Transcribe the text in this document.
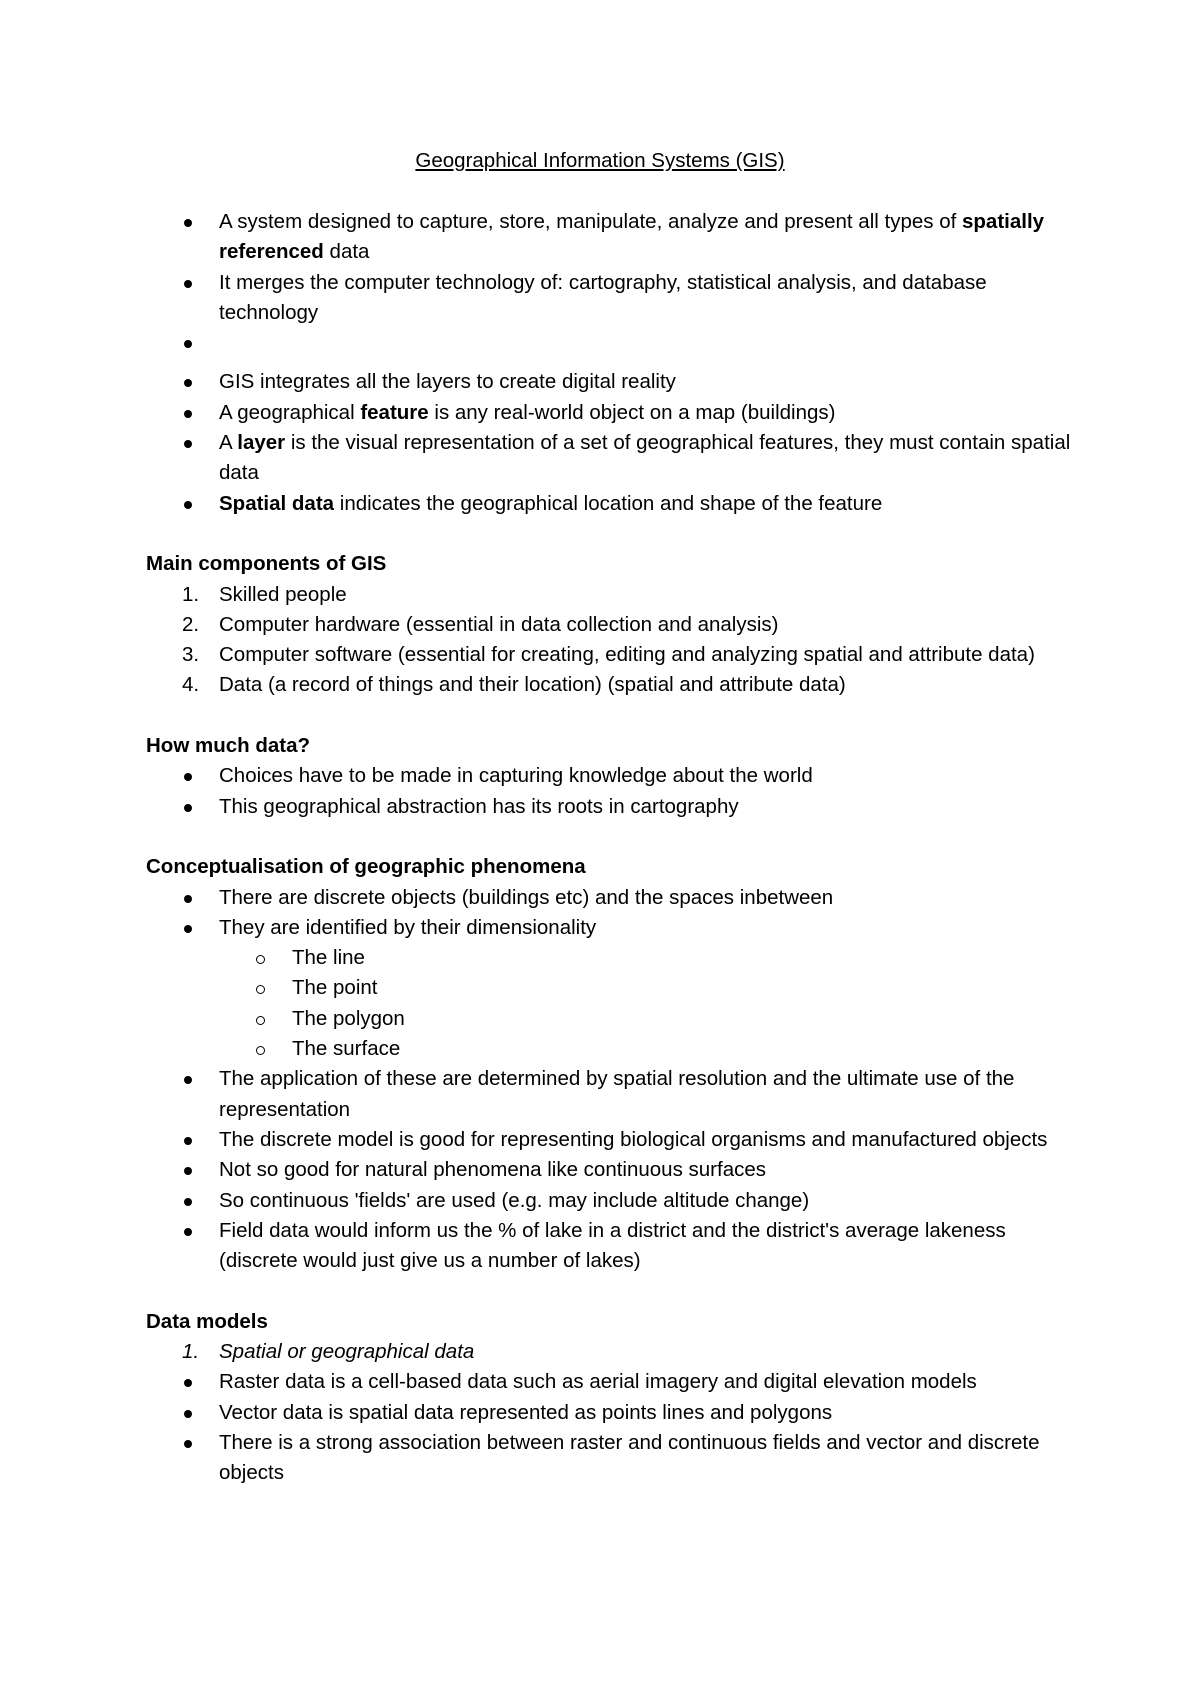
Geographical Information Systems (GIS)
A system designed to capture, store, manipulate, analyze and present all types of spatially referenced data
It merges the computer technology of: cartography, statistical analysis, and database technology
GIS integrates all the layers to create digital reality
A geographical feature is any real-world object on a map (buildings)
A layer is the visual representation of a set of geographical features, they must contain spatial data
Spatial data indicates the geographical location and shape of the feature

Main components of GIS

1. Skilled people
2. Computer hardware (essential in data collection and analysis)
3. Computer software (essential for creating, editing and analyzing spatial and attribute data)
4. Data (a record of things and their location) (spatial and attribute data)

How much data?

Choices have to be made in capturing knowledge about the world
This geographical abstraction has its roots in cartography

Conceptualisation of geographic phenomena

There are discrete objects (buildings etc) and the spaces inbetween
They are identified by their dimensionality
The line
The point
The polygon
The surface
The application of these are determined by spatial resolution and the ultimate use of the representation
The discrete model is good for representing biological organisms and manufactured objects
Not so good for natural phenomena like continuous surfaces
So continuous 'fields' are used (e.g. may include altitude change)
Field data would inform us the % of lake in a district and the district's average lakeness (discrete would just give us a number of lakes)

Data models

1. Spatial or geographical data
Raster data is a cell-based data such as aerial imagery and digital elevation models
Vector data is spatial data represented as points lines and polygons
There is a strong association between raster and continuous fields and vector and discrete objects
